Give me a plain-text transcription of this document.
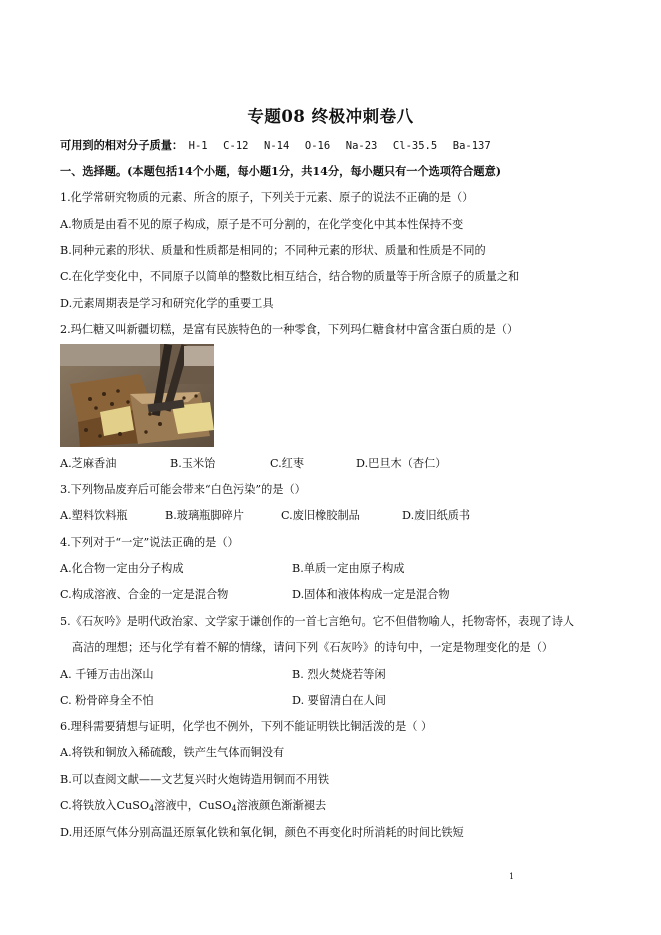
专题08 终极冲刺卷八
可用到的相对分子质量： H-1 C-12 N-14 O-16 Na-23 Cl-35.5 Ba-137
一、选择题。(本题包括14个小题，每小题1分，共14分，每小题只有一个选项符合题意)
1.化学常研究物质的元素、所含的原子，下列关于元素、原子的说法不正确的是（）
A.物质是由看不见的原子构成，原子是不可分割的，在化学变化中其本性保持不变
B.同种元素的形状、质量和性质都是相同的；不同种元素的形状、质量和性质是不同的
C.在化学变化中，不同原子以简单的整数比相互结合，结合物的质量等于所含原子的质量之和
D.元素周期表是学习和研究化学的重要工具
2.玛仁糖又叫新疆切糕，是富有民族特色的一种零食，下列玛仁糖食材中富含蛋白质的是（）
A.芝麻香油	B.玉米饴	C.红枣	D.巴旦木（杏仁）
3.下列物品废弃后可能会带来“白色污染”的是（）
A.塑料饮料瓶	B.玻璃瓶脚碎片	C.废旧橡胶制品	D.废旧纸质书
4.下列对于“一定”说法正确的是（）
A.化合物一定由分子构成	B.单质一定由原子构成
C.构成溶液、合金的一定是混合物	D.固体和液体构成一定是混合物
5.《石灰吟》是明代政治家、文学家于谦创作的一首七言绝句。它不但借物喻人，托物寄怀，表现了诗人
高洁的理想；还与化学有着不解的情缘，请问下列《石灰吟》的诗句中，一定是物理变化的是（）
A. 千锤万击出深山	B. 烈火焚烧若等闲
C. 粉骨碎身全不怕	D. 要留清白在人间
6.理科需要猜想与证明，化学也不例外，下列不能证明铁比铜活泼的是（ ）
A.将铁和铜放入稀硫酸，铁产生气体而铜没有
B.可以查阅文献——文艺复兴时火炮铸造用铜而不用铁
C.将铁放入CuSO$_4$溶液中，CuSO$_4$溶液颜色渐渐褪去
D.用还原气体分别高温还原氧化铁和氧化铜，颜色不再变化时所消耗的时间比铁短
1
